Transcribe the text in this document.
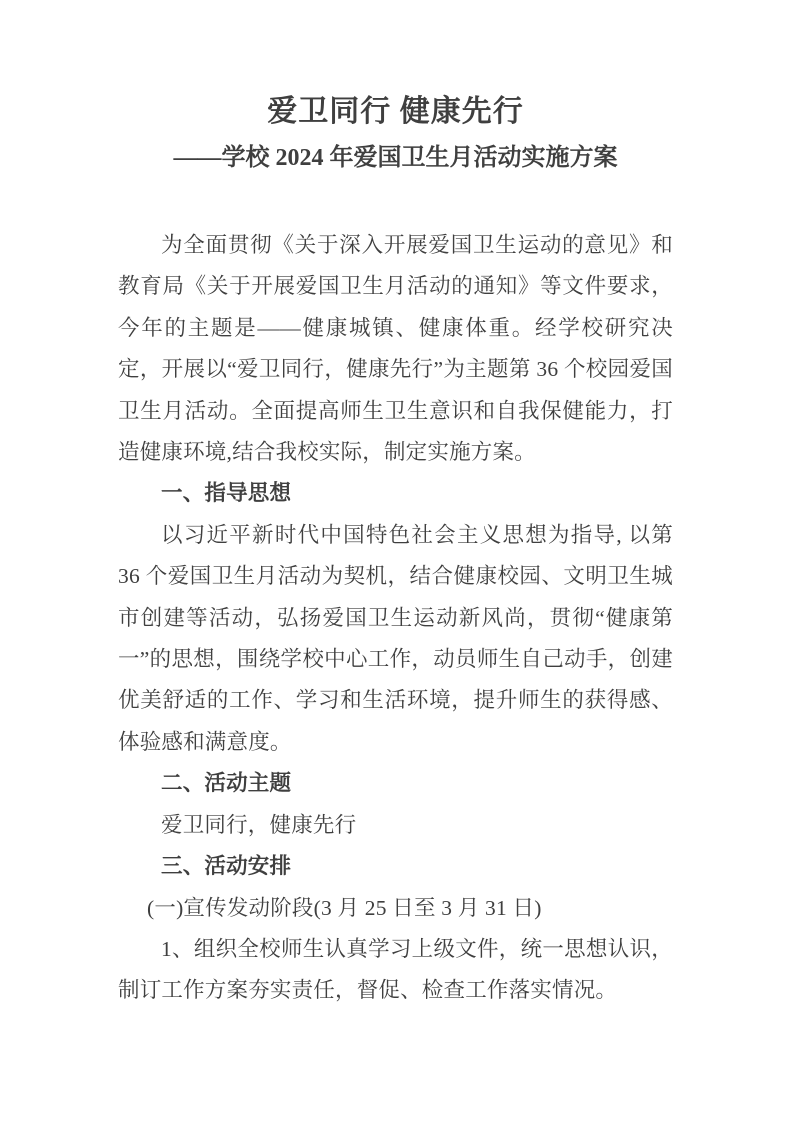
爱卫同行 健康先行
——学校 2024 年爱国卫生月活动实施方案

为全面贯彻《关于深入开展爱国卫生运动的意见》和教育局《关于开展爱国卫生月活动的通知》等文件要求，今年的主题是——健康城镇、健康体重。经学校研究决定，开展以“爱卫同行，健康先行”为主题第 36 个校园爱国卫生月活动。全面提高师生卫生意识和自我保健能力，打造健康环境,结合我校实际，制定实施方案。

一、指导思想

以习近平新时代中国特色社会主义思想为指导, 以第 36 个爱国卫生月活动为契机，结合健康校园、文明卫生城市创建等活动，弘扬爱国卫生运动新风尚，贯彻“健康第一”的思想，围绕学校中心工作，动员师生自己动手，创建优美舒适的工作、学习和生活环境，提升师生的获得感、体验感和满意度。

二、活动主题

爱卫同行，健康先行

三、活动安排

(一)宣传发动阶段(3 月 25 日至 3 月 31 日)

1、组织全校师生认真学习上级文件，统一思想认识，制订工作方案夯实责任，督促、检查工作落实情况。
